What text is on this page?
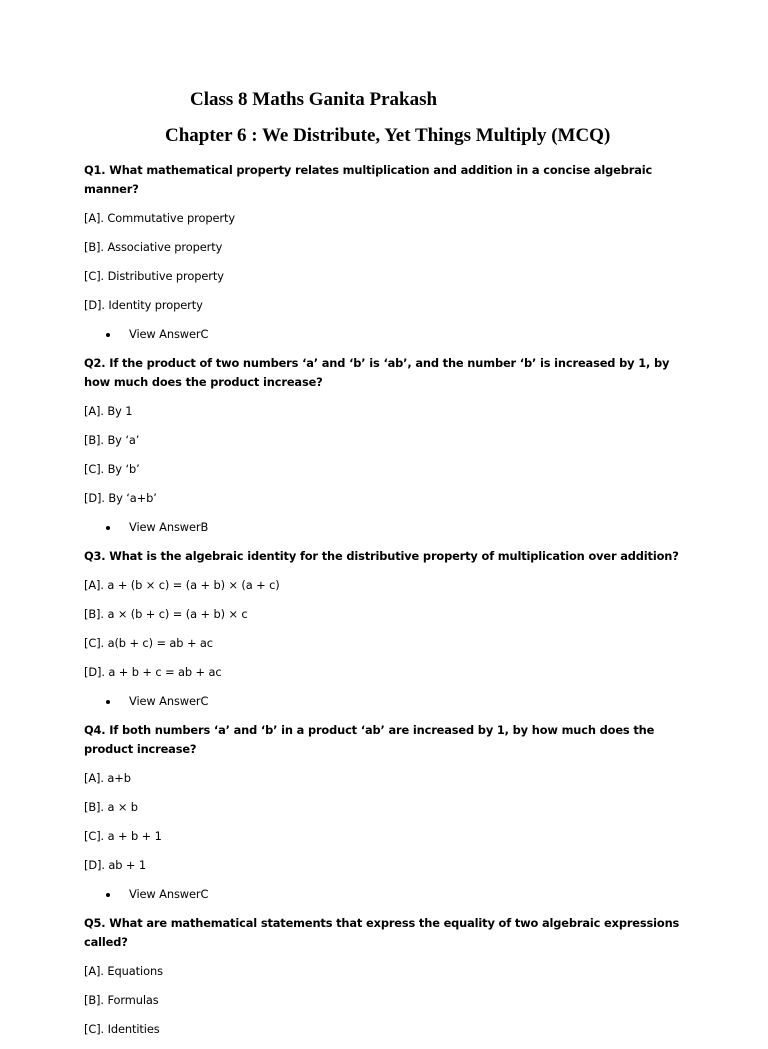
Class 8 Maths Ganita Prakash
Chapter 6 : We Distribute, Yet Things Multiply (MCQ)

Q1. What mathematical property relates multiplication and addition in a concise algebraic manner?

[A]. Commutative property

[B]. Associative property

[C]. Distributive property

[D]. Identity property

View AnswerC

Q2. If the product of two numbers ‘a’ and ‘b’ is ‘ab’, and the number ‘b’ is increased by 1, by how much does the product increase?

[A]. By 1

[B]. By ‘a’

[C]. By ‘b’

[D]. By ‘a+b’

View AnswerB

Q3. What is the algebraic identity for the distributive property of multiplication over addition?

[A]. a + (b × c) = (a + b) × (a + c)

[B]. a × (b + c) = (a + b) × c

[C]. a(b + c) = ab + ac

[D]. a + b + c = ab + ac

View AnswerC

Q4. If both numbers ‘a’ and ‘b’ in a product ‘ab’ are increased by 1, by how much does the product increase?

[A]. a+b

[B]. a × b

[C]. a + b + 1

[D]. ab + 1

View AnswerC

Q5. What are mathematical statements that express the equality of two algebraic expressions called?

[A]. Equations

[B]. Formulas

[C]. Identities
